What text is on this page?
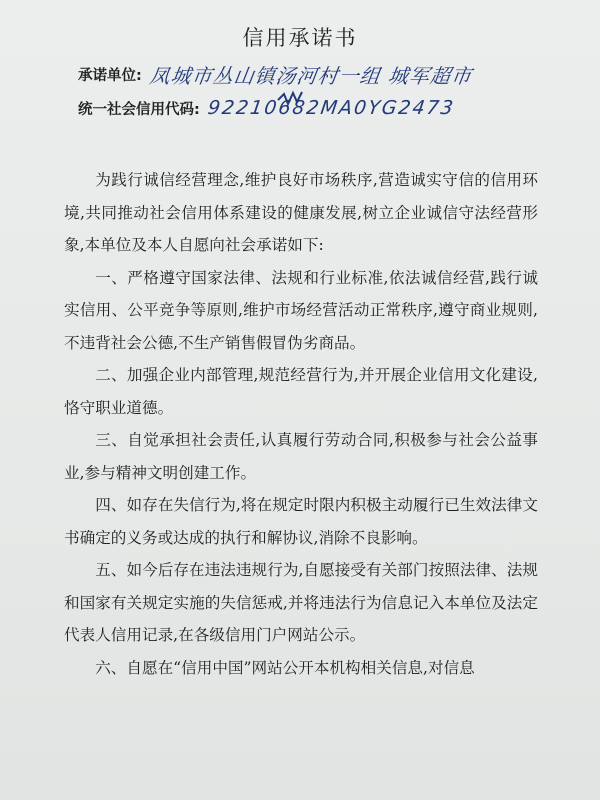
信用承诺书
承诺单位: 凤城市丛山镇汤河村一组 城军超市
统一社会信用代码: 92210682MA0YG2473

为践行诚信经营理念,维护良好市场秩序,营造诚实守信的信用环境,共同推动社会信用体系建设的健康发展,树立企业诚信守法经营形象,本单位及本人自愿向社会承诺如下:

一、严格遵守国家法律、法规和行业标准,依法诚信经营,践行诚实信用、公平竞争等原则,维护市场经营活动正常秩序,遵守商业规则,不违背社会公德,不生产销售假冒伪劣商品。

二、加强企业内部管理,规范经营行为,并开展企业信用文化建设,恪守职业道德。

三、自觉承担社会责任,认真履行劳动合同,积极参与社会公益事业,参与精神文明创建工作。

四、如存在失信行为,将在规定时限内积极主动履行已生效法律文书确定的义务或达成的执行和解协议,消除不良影响。

五、如今后存在违法违规行为,自愿接受有关部门按照法律、法规和国家有关规定实施的失信惩戒,并将违法行为信息记入本单位及法定代表人信用记录,在各级信用门户网站公示。

六、自愿在“信用中国”网站公开本机构相关信息,对信息
